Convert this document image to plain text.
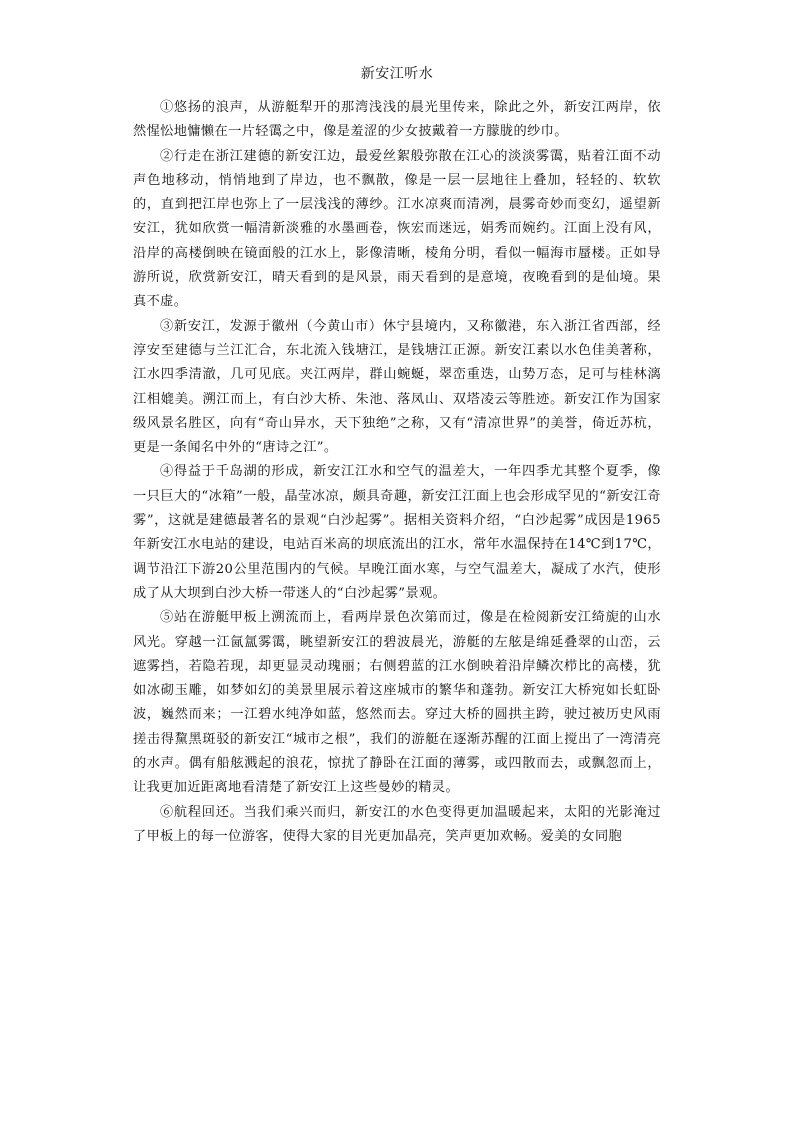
新安江听水

①悠扬的浪声，从游艇犁开的那湾浅浅的晨光里传来，除此之外，新安江两岸，依然惺忪地慵懒在一片轻霭之中，像是羞涩的少女披戴着一方朦胧的纱巾。

②行走在浙江建德的新安江边，最爱丝絮般弥散在江心的淡淡雾霭，贴着江面不动声色地移动，悄悄地到了岸边，也不飘散，像是一层一层地往上叠加，轻轻的、软软的，直到把江岸也弥上了一层浅浅的薄纱。江水凉爽而清冽，晨雾奇妙而变幻，遥望新安江，犹如欣赏一幅清新淡雅的水墨画卷，恢宏而迷远，娟秀而婉约。江面上没有风，沿岸的高楼倒映在镜面般的江水上，影像清晰，棱角分明，看似一幅海市蜃楼。正如导游所说，欣赏新安江，晴天看到的是风景，雨天看到的是意境，夜晚看到的是仙境。果真不虚。

③新安江，发源于徽州（今黄山市）休宁县境内，又称徽港，东入浙江省西部，经淳安至建德与兰江汇合，东北流入钱塘江，是钱塘江正源。新安江素以水色佳美著称，江水四季清澈，几可见底。夹江两岸，群山蜿蜒，翠峦重迭，山势万态，足可与桂林漓江相媲美。溯江而上，有白沙大桥、朱池、落凤山、双塔凌云等胜迹。新安江作为国家级风景名胜区，向有“奇山异水，天下独绝”之称，又有“清凉世界”的美誉，倚近苏杭，更是一条闻名中外的“唐诗之江”。

④得益于千岛湖的形成，新安江江水和空气的温差大，一年四季尤其整个夏季，像一只巨大的“冰箱”一般，晶莹冰凉，颇具奇趣，新安江江面上也会形成罕见的“新安江奇雾”，这就是建德最著名的景观“白沙起雾”。据相关资料介绍，“白沙起雾”成因是1965年新安江水电站的建设，电站百米高的坝底流出的江水，常年水温保持在14℃到17℃，调节沿江下游20公里范围内的气候。早晚江面水寒，与空气温差大，凝成了水汽，使形成了从大坝到白沙大桥一带迷人的“白沙起雾”景观。

⑤站在游艇甲板上溯流而上，看两岸景色次第而过，像是在检阅新安江绮旎的山水风光。穿越一江氤氲雾霭，眺望新安江的碧波晨光，游艇的左舷是绵延叠翠的山峦，云遮雾挡，若隐若现，却更显灵动瑰丽；右侧碧蓝的江水倒映着沿岸鳞次栉比的高楼，犹如冰砌玉雕，如梦如幻的美景里展示着这座城市的繁华和蓬勃。新安江大桥宛如长虹卧波，巍然而来；一江碧水纯净如蓝，悠然而去。穿过大桥的圆拱主跨，驶过被历史风雨搓击得黧黑斑驳的新安江“城市之根”，我们的游艇在逐渐苏醒的江面上搅出了一湾清亮的水声。偶有船舷溅起的浪花，惊扰了静卧在江面的薄雾，或四散而去，或飘忽而上，让我更加近距离地看清楚了新安江上这些曼妙的精灵。

⑥航程回还。当我们乘兴而归，新安江的水色变得更加温暖起来，太阳的光影淹过了甲板上的每一位游客，使得大家的目光更加晶亮，笑声更加欢畅。爱美的女同胞
